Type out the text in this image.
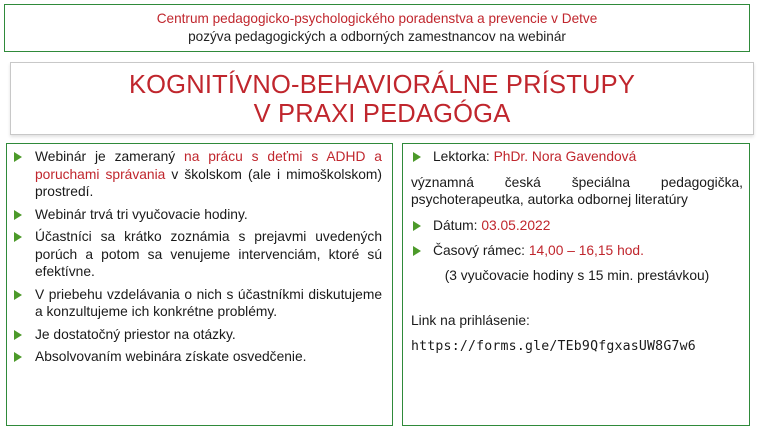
Centrum pedagogicko-psychologického poradenstva a prevencie v Detve
pozýva pedagogických a odborných zamestnancov na webinár
KOGNITÍVNO-BEHAVIORÁLNE PRÍSTUPY
V PRAXI PEDAGÓGA
Webinár je zameraný na prácu s deťmi s ADHD a poruchami správania v školskom (ale i mimoškolskom) prostredí.
Webinár trvá tri vyučovacie hodiny.
Účastníci sa krátko zoznámia s prejavmi uvedených porúch a potom sa venujeme intervenciám, ktoré sú efektívne.
V priebehu vzdelávania o nich s účastníkmi diskutujeme a konzultujeme ich konkrétne problémy.
Je dostatočný priestor na otázky.
Absolvovaním webinára získate osvedčenie.
Lektorka: PhDr. Nora Gavendová
významná česká špeciálna pedagogička, psychoterapeutka, autorka odbornej literatúry
Dátum: 03.05.2022
Časový rámec: 14,00 – 16,15 hod.
(3 vyučovacie hodiny s 15 min. prestávkou)
Link na prihlásenie:
https://forms.gle/TEb9QfgxasUW8G7w6
